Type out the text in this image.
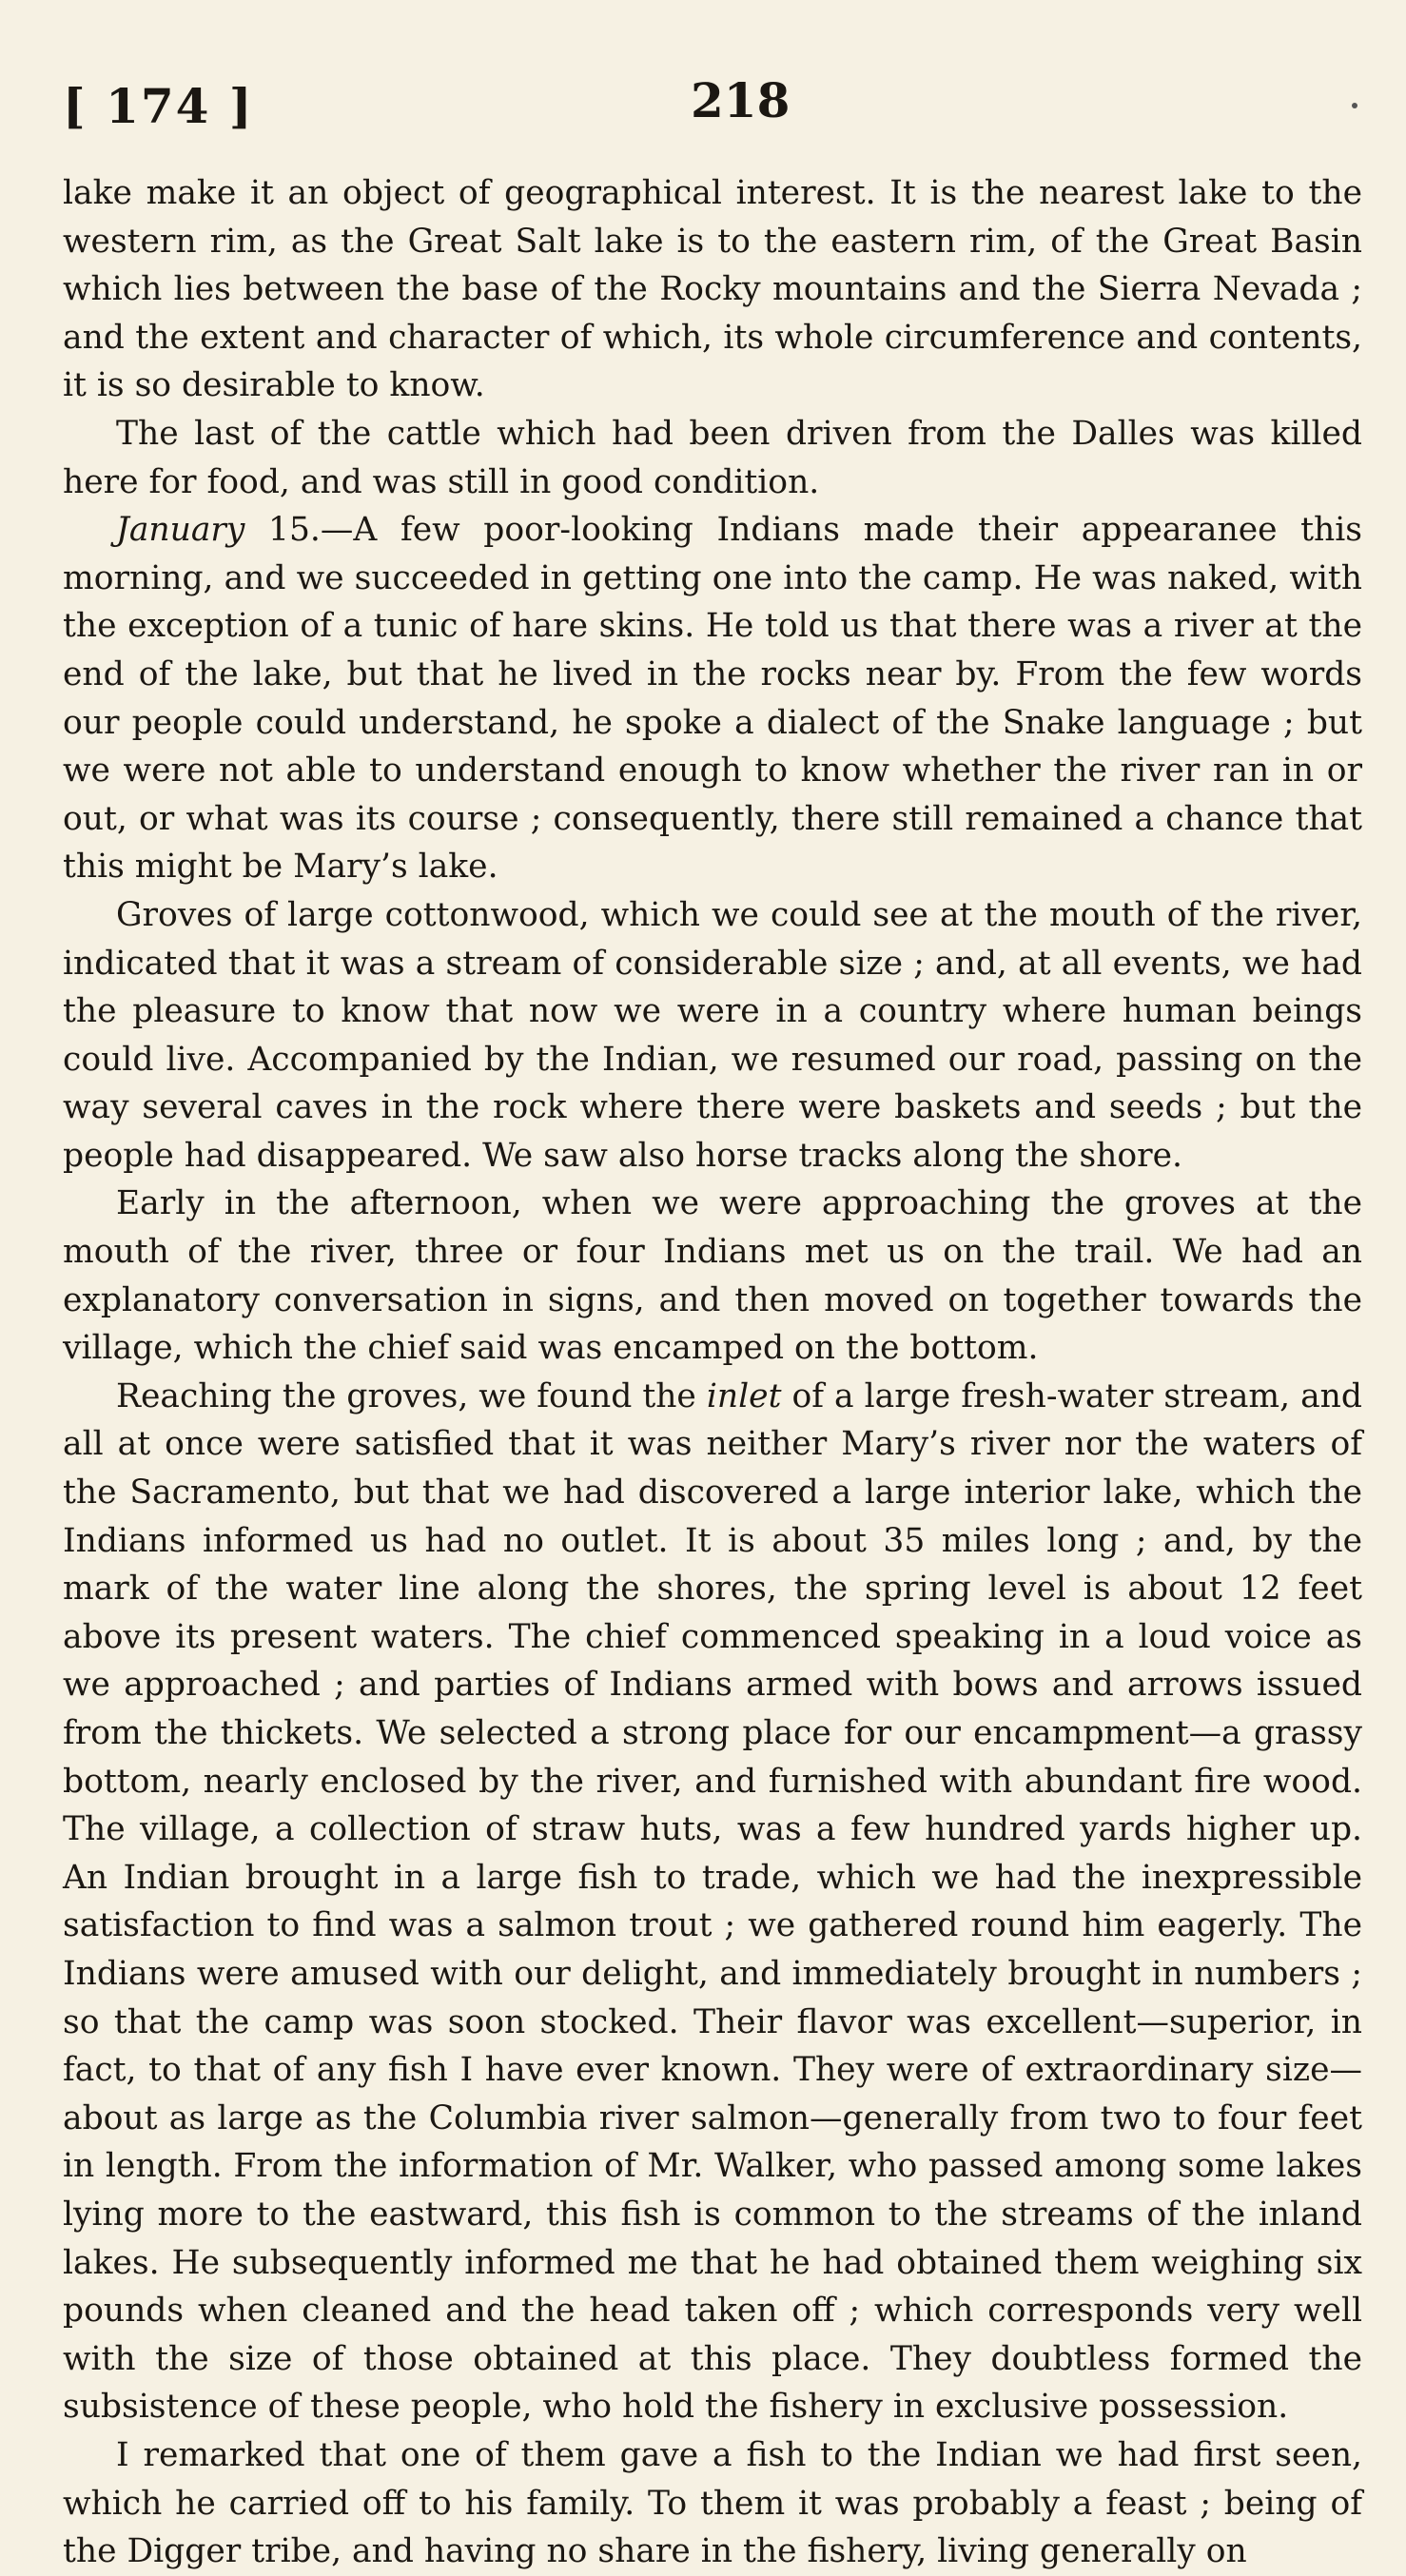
[ 174 ]	218

lake make it an object of geographical interest. It is the nearest lake to the western rim, as the Great Salt lake is to the eastern rim, of the Great Basin which lies between the base of the Rocky mountains and the Sierra Nevada ; and the extent and character of which, its whole circumference and contents, it is so desirable to know.

The last of the cattle which had been driven from the Dalles was killed here for food, and was still in good condition.

January 15.—A few poor-looking Indians made their appearanee this morning, and we succeeded in getting one into the camp. He was naked, with the exception of a tunic of hare skins. He told us that there was a river at the end of the lake, but that he lived in the rocks near by. From the few words our people could understand, he spoke a dialect of the Snake language ; but we were not able to understand enough to know whether the river ran in or out, or what was its course ; consequently, there still remained a chance that this might be Mary’s lake.

Groves of large cottonwood, which we could see at the mouth of the river, indicated that it was a stream of considerable size ; and, at all events, we had the pleasure to know that now we were in a country where human beings could live. Accompanied by the Indian, we resumed our road, passing on the way several caves in the rock where there were baskets and seeds ; but the people had disappeared. We saw also horse tracks along the shore.

Early in the afternoon, when we were approaching the groves at the mouth of the river, three or four Indians met us on the trail. We had an explanatory conversation in signs, and then moved on together towards the village, which the chief said was encamped on the bottom.

Reaching the groves, we found the inlet of a large fresh-water stream, and all at once were satisfied that it was neither Mary’s river nor the waters of the Sacramento, but that we had discovered a large interior lake, which the Indians informed us had no outlet. It is about 35 miles long ; and, by the mark of the water line along the shores, the spring level is about 12 feet above its present waters. The chief commenced speaking in a loud voice as we approached ; and parties of Indians armed with bows and arrows issued from the thickets. We selected a strong place for our encampment—a grassy bottom, nearly enclosed by the river, and furnished with abundant fire wood. The village, a collection of straw huts, was a few hundred yards higher up. An Indian brought in a large fish to trade, which we had the inexpressible satisfaction to find was a salmon trout ; we gathered round him eagerly. The Indians were amused with our delight, and immediately brought in numbers ; so that the camp was soon stocked. Their flavor was excellent—superior, in fact, to that of any fish I have ever known. They were of extraordinary size—about as large as the Columbia river salmon—generally from two to four feet in length. From the information of Mr. Walker, who passed among some lakes lying more to the eastward, this fish is common to the streams of the inland lakes. He subsequently informed me that he had obtained them weighing six pounds when cleaned and the head taken off ; which corresponds very well with the size of those obtained at this place. They doubtless formed the subsistence of these people, who hold the fishery in exclusive possession.

I remarked that one of them gave a fish to the Indian we had first seen, which he carried off to his family. To them it was probably a feast ; being of the Digger tribe, and having no share in the fishery, living generally on
